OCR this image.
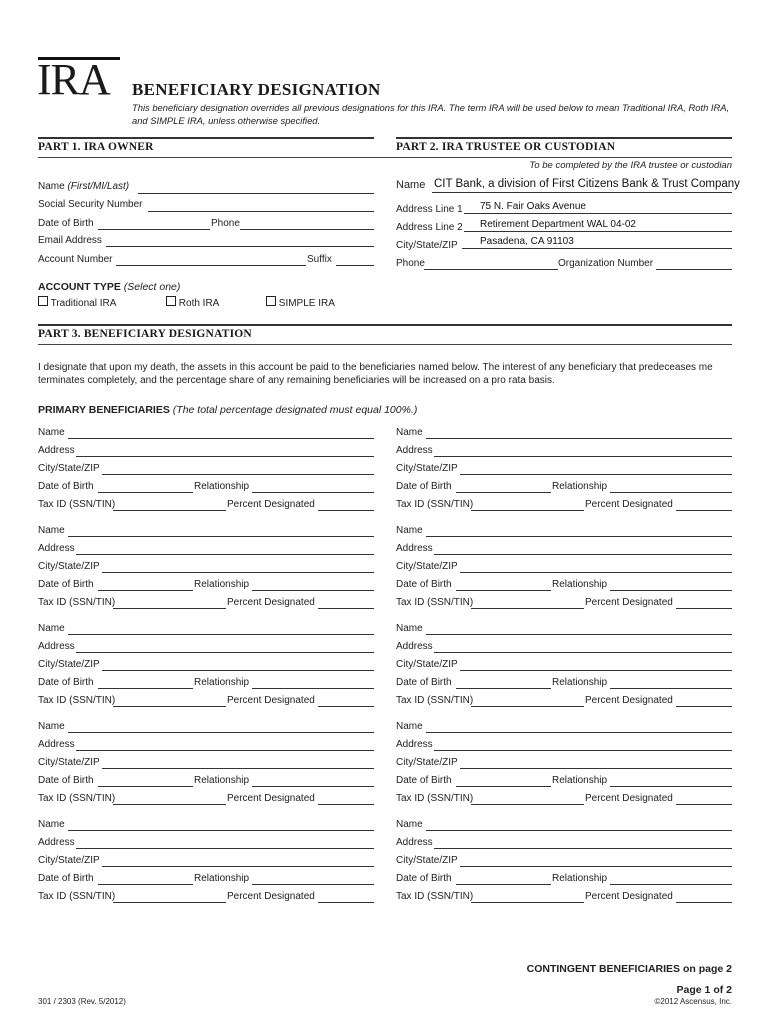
IRA BENEFICIARY DESIGNATION
This beneficiary designation overrides all previous designations for this IRA. The term IRA will be used below to mean Traditional IRA, Roth IRA, and SIMPLE IRA, unless otherwise specified.
PART 1. IRA OWNER	PART 2. IRA TRUSTEE OR CUSTODIAN
To be completed by the IRA trustee or custodian
Name (First/MI/Last)
Social Security Number
Date of Birth	Phone
Email Address
Account Number	Suffix
ACCOUNT TYPE (Select one)
Traditional IRA	Roth IRA	SIMPLE IRA
Name CIT Bank, a division of First Citizens Bank & Trust Company
Address Line 1 75 N. Fair Oaks Avenue
Address Line 2 Retirement Department WAL 04-02
City/State/ZIP Pasadena, CA 91103
Phone	Organization Number
PART 3. BENEFICIARY DESIGNATION
I designate that upon my death, the assets in this account be paid to the beneficiaries named below. The interest of any beneficiary that predeceases me terminates completely, and the percentage share of any remaining beneficiaries will be increased on a pro rata basis.
PRIMARY BENEFICIARIES (The total percentage designated must equal 100%.)
Name
Address
City/State/ZIP
Date of Birth	Relationship
Tax ID (SSN/TIN)	Percent Designated
Name
Address
City/State/ZIP
Date of Birth	Relationship
Tax ID (SSN/TIN)	Percent Designated
Name
Address
City/State/ZIP
Date of Birth	Relationship
Tax ID (SSN/TIN)	Percent Designated
Name
Address
City/State/ZIP
Date of Birth	Relationship
Tax ID (SSN/TIN)	Percent Designated
Name
Address
City/State/ZIP
Date of Birth	Relationship
Tax ID (SSN/TIN)	Percent Designated
Name
Address
City/State/ZIP
Date of Birth	Relationship
Tax ID (SSN/TIN)	Percent Designated
Name
Address
City/State/ZIP
Date of Birth	Relationship
Tax ID (SSN/TIN)	Percent Designated
Name
Address
City/State/ZIP
Date of Birth	Relationship
Tax ID (SSN/TIN)	Percent Designated
Name
Address
City/State/ZIP
Date of Birth	Relationship
Tax ID (SSN/TIN)	Percent Designated
Name
Address
City/State/ZIP
Date of Birth	Relationship
Tax ID (SSN/TIN)	Percent Designated
CONTINGENT BENEFICIARIES on page 2
Page 1 of 2
301 / 2303 (Rev. 5/2012)	©2012 Ascensus, Inc.
